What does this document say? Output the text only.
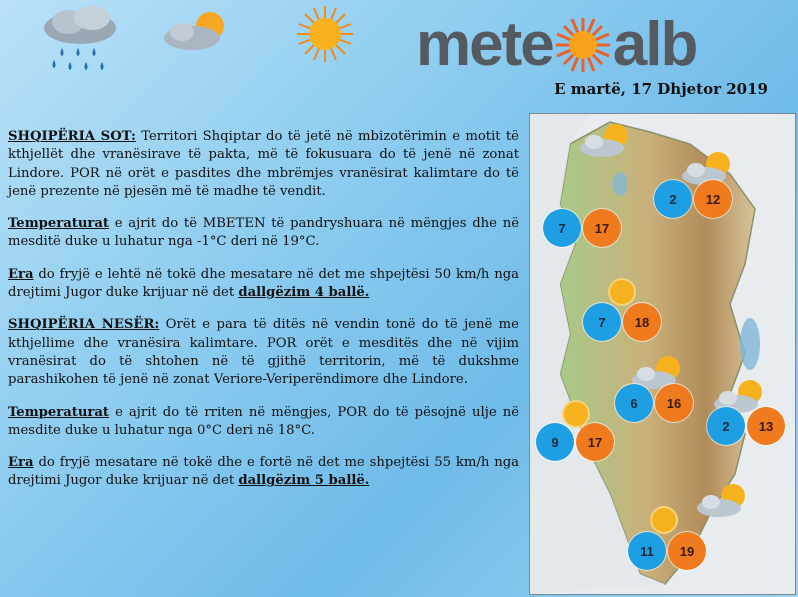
mete alb
E martë, 17 Dhjetor 2019

SHQIPËRIA SOT: Territori Shqiptar do të jetë në mbizotërimin e motit të kthjellët dhe vranësirave të pakta, më të fokusuara do të jenë në zonat Lindore. POR në orët e pasdites dhe mbrëmjes vranësirat kalimtare do të jenë prezente në pjesën më të madhe të vendit.

Temperaturat e ajrit do të MBETEN të pandryshuara në mëngjes dhe në mesditë duke u luhatur nga -1°C deri në 19°C.

Era do fryjë e lehtë në tokë dhe mesatare në det me shpejtësi 50 km/h nga drejtimi Jugor duke krijuar në det dallgëzim 4 ballë.

SHQIPËRIA NESËR: Orët e para të ditës në vendin tonë do të jenë me kthjellime dhe vranësira kalimtare. POR orët e mesditës dhe në vijim vranësirat do të shtohen në të gjithë territorin, më të dukshme parashikohen të jenë në zonat Veriore-Veriperëndimore dhe Lindore.

Temperaturat e ajrit do të rriten në mëngjes, POR do të pësojnë ulje në mesdite duke u luhatur nga 0°C deri në 18°C.

Era do fryjë mesatare në tokë dhe e fortë në det me shpejtësi 55 km/h nga drejtimi Jugor duke krijuar në det dallgëzim 5 ballë.

2	12
7	17
7	18
6	16
2	13
9	17
11	19
